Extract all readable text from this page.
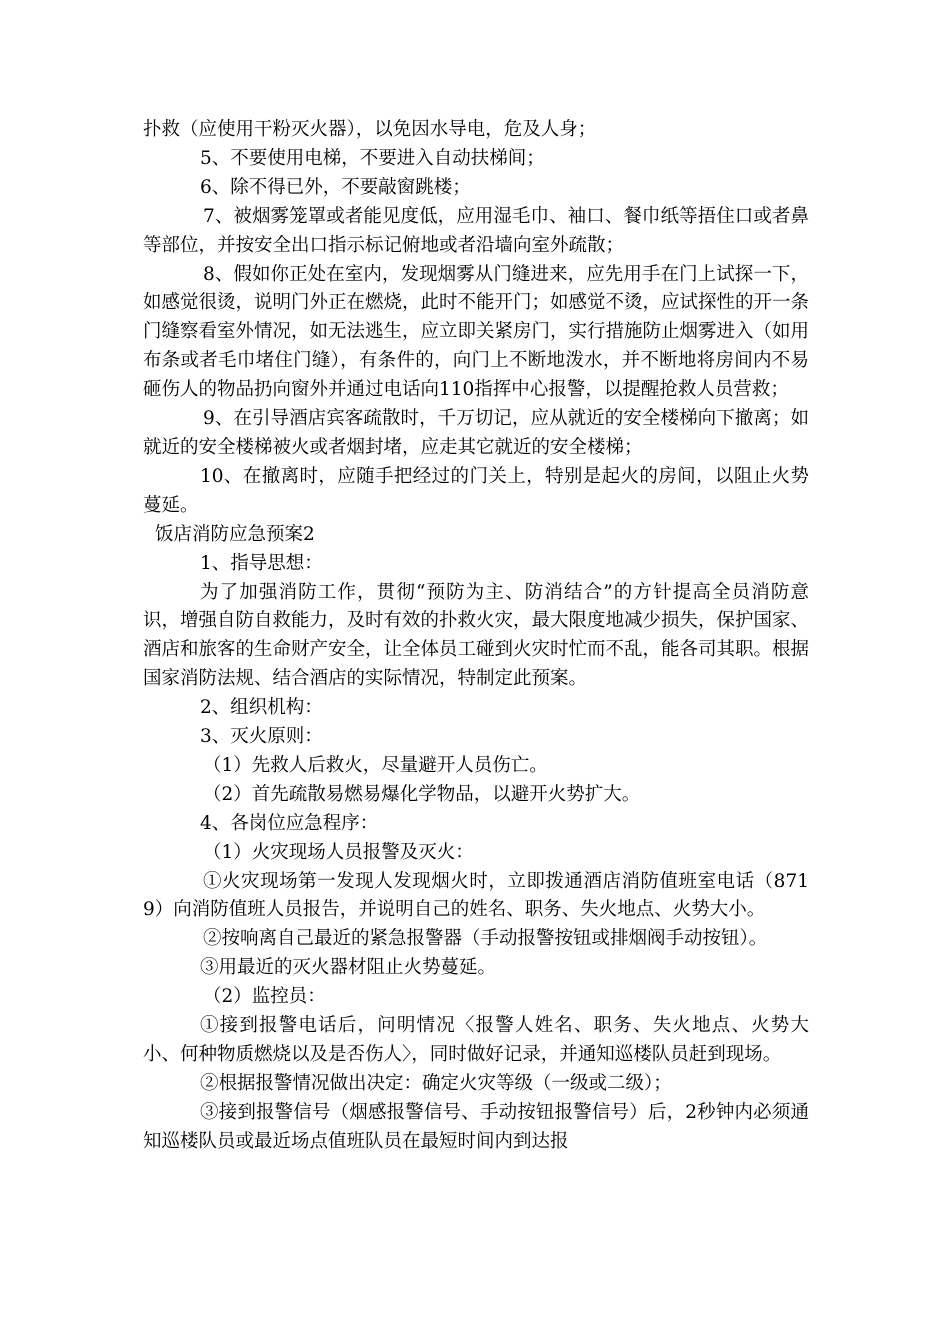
扑救（应使用干粉灭火器），以免因水导电，危及人身；

5、不要使用电梯，不要进入自动扶梯间；

6、除不得已外，不要敲窗跳楼；

7、被烟雾笼罩或者能见度低，应用湿毛巾、袖口、餐巾纸等捂住口或者鼻等部位，并按安全出口指示标记俯地或者沿墙向室外疏散；

8、假如你正处在室内，发现烟雾从门缝进来，应先用手在门上试探一下，如感觉很烫，说明门外正在燃烧，此时不能开门；如感觉不烫，应试探性的开一条门缝察看室外情况，如无法逃生，应立即关紧房门，实行措施防止烟雾进入（如用布条或者毛巾堵住门缝），有条件的，向门上不断地泼水，并不断地将房间内不易砸伤人的物品扔向窗外并通过电话向110指挥中心报警，以提醒抢救人员营救；

9、在引导酒店宾客疏散时，千万切记，应从就近的安全楼梯向下撤离；如就近的安全楼梯被火或者烟封堵，应走其它就近的安全楼梯；

10、在撤离时，应随手把经过的门关上，特别是起火的房间，以阻止火势蔓延。

饭店消防应急预案2

1、指导思想：

为了加强消防工作，贯彻“预防为主、防消结合”的方针提高全员消防意识，增强自防自救能力，及时有效的扑救火灾，最大限度地减少损失，保护国家、酒店和旅客的生命财产安全，让全体员工碰到火灾时忙而不乱，能各司其职。根据国家消防法规、结合酒店的实际情况，特制定此预案。

2、组织机构：

3、灭火原则：

（1）先救人后救火，尽量避开人员伤亡。

（2）首先疏散易燃易爆化学物品，以避开火势扩大。

4、各岗位应急程序：

（1）火灾现场人员报警及灭火：

①火灾现场第一发现人发现烟火时，立即拨通酒店消防值班室电话（8719）向消防值班人员报告，并说明自己的姓名、职务、失火地点、火势大小。

②按响离自己最近的紧急报警器（手动报警按钮或排烟阀手动按钮）。

③用最近的灭火器材阻止火势蔓延。

（2）监控员：

①接到报警电话后，问明情况〈报警人姓名、职务、失火地点、火势大小、何种物质燃烧以及是否伤人〉，同时做好记录，并通知巡楼队员赶到现场。

②根据报警情况做出决定：确定火灾等级（一级或二级）；

③接到报警信号（烟感报警信号、手动按钮报警信号）后，2秒钟内必须通知巡楼队员或最近场点值班队员在最短时间内到达报
